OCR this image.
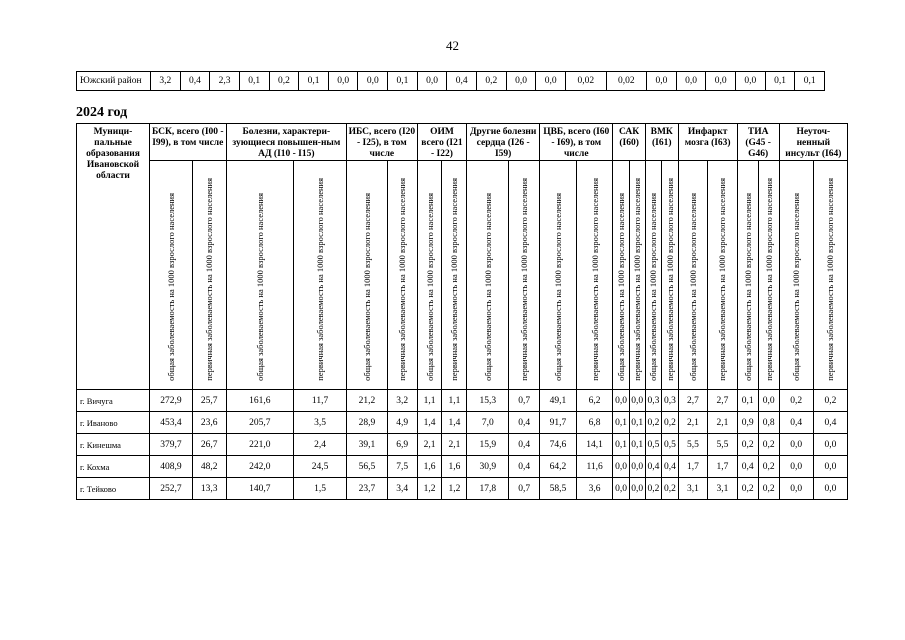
42
Южский район	3,2	0,4	2,3	0,1	0,2	0,1	0,0	0,0	0,1	0,0	0,4	0,2	0,0	0,0	0,02	0,02	0,0	0,0	0,0	0,0	0,1	0,1
2024 год
Муници-пальные образования Ивановской области	БСК, всего (I00 - I99), в том числе		Болезни, характери-зующиеся повышен-ным АД (I10 - I15)		ИБС, всего (I20 - I25), в том числе		ОИМ всего (I21 - I22)		Другие болезни сердца (I26 - I59)		ЦВБ, всего (I60 - I69), в том числе		САК (I60)		ВМК (I61)		Инфаркт мозга (I63)		ТИА (G45 - G46)		Неуточ-ненный инсульт (I64)	
	общая заболеваемость на 1000 взрослого населения	первичная заболеваемость на 1000 взрослого населения	общая заболеваемость на 1000 взрослого населения	первичная заболеваемость на 1000 взрослого населения	общая заболеваемость на 1000 взрослого населения	первичная заболеваемость на 1000 взрослого населения	общая заболеваемость на 1000 взрослого населения	первичная заболеваемость на 1000 взрослого населения	общая заболеваемость на 1000 взрослого населения	первичная заболеваемость на 1000 взрослого населения	общая заболеваемость на 1000 взрослого населения	первичная заболеваемость на 1000 взрослого населения	общая заболеваемость на 1000 взрослого населения	первичная заболеваемость на 1000 взрослого населения	общая заболеваемость на 1000 взрослого населения	первичная заболеваемость на 1000 взрослого населения	общая заболеваемость на 1000 взрослого населения	первичная заболеваемость на 1000 взрослого населения	общая заболеваемость на 1000 взрослого населения	первичная заболеваемость на 1000 взрослого населения	общая заболеваемость на 1000 взрослого населения	первичная заболеваемость на 1000 взрослого населения
г. Вичуга	272,9	25,7	161,6	11,7	21,2	3,2	1,1	1,1	15,3	0,7	49,1	6,2	0,0	0,0	0,3	0,3	2,7	2,7	0,1	0,0	0,2	0,2
г. Иваново	453,4	23,6	205,7	3,5	28,9	4,9	1,4	1,4	7,0	0,4	91,7	6,8	0,1	0,1	0,2	0,2	2,1	2,1	0,9	0,8	0,4	0,4
г. Кинешма	379,7	26,7	221,0	2,4	39,1	6,9	2,1	2,1	15,9	0,4	74,6	14,1	0,1	0,1	0,5	0,5	5,5	5,5	0,2	0,2	0,0	0,0
г. Кохма	408,9	48,2	242,0	24,5	56,5	7,5	1,6	1,6	30,9	0,4	64,2	11,6	0,0	0,0	0,4	0,4	1,7	1,7	0,4	0,2	0,0	0,0
г. Тейково	252,7	13,3	140,7	1,5	23,7	3,4	1,2	1,2	17,8	0,7	58,5	3,6	0,0	0,0	0,2	0,2	3,1	3,1	0,2	0,2	0,0	0,0
